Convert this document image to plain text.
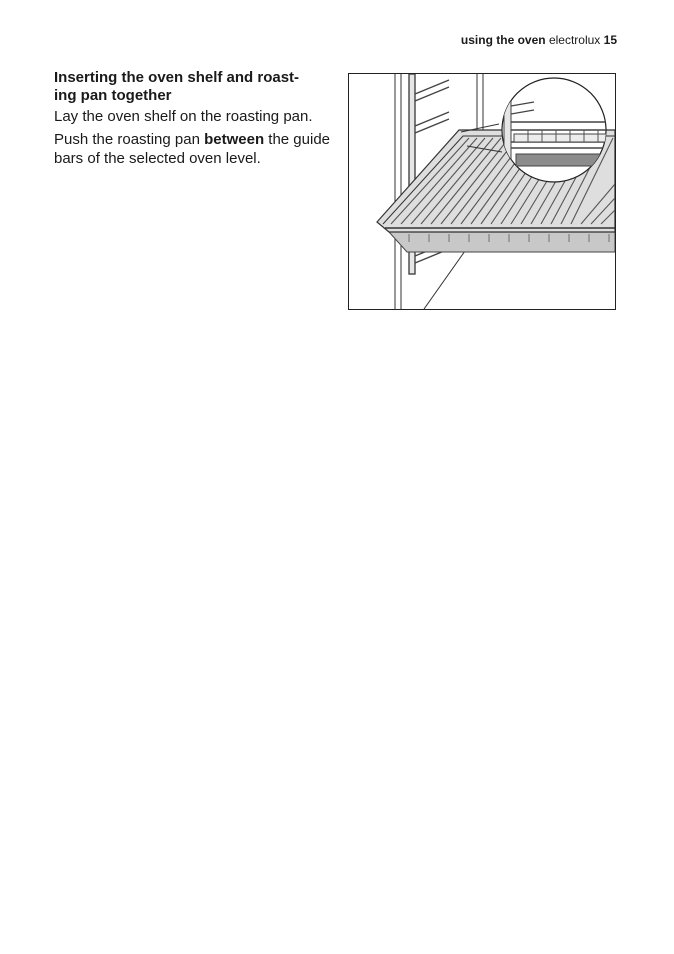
using the oven electrolux 15
Inserting the oven shelf and roast-
ing pan together

Lay the oven shelf on the roasting pan.

Push the roasting pan between the guide bars of the selected oven level.
